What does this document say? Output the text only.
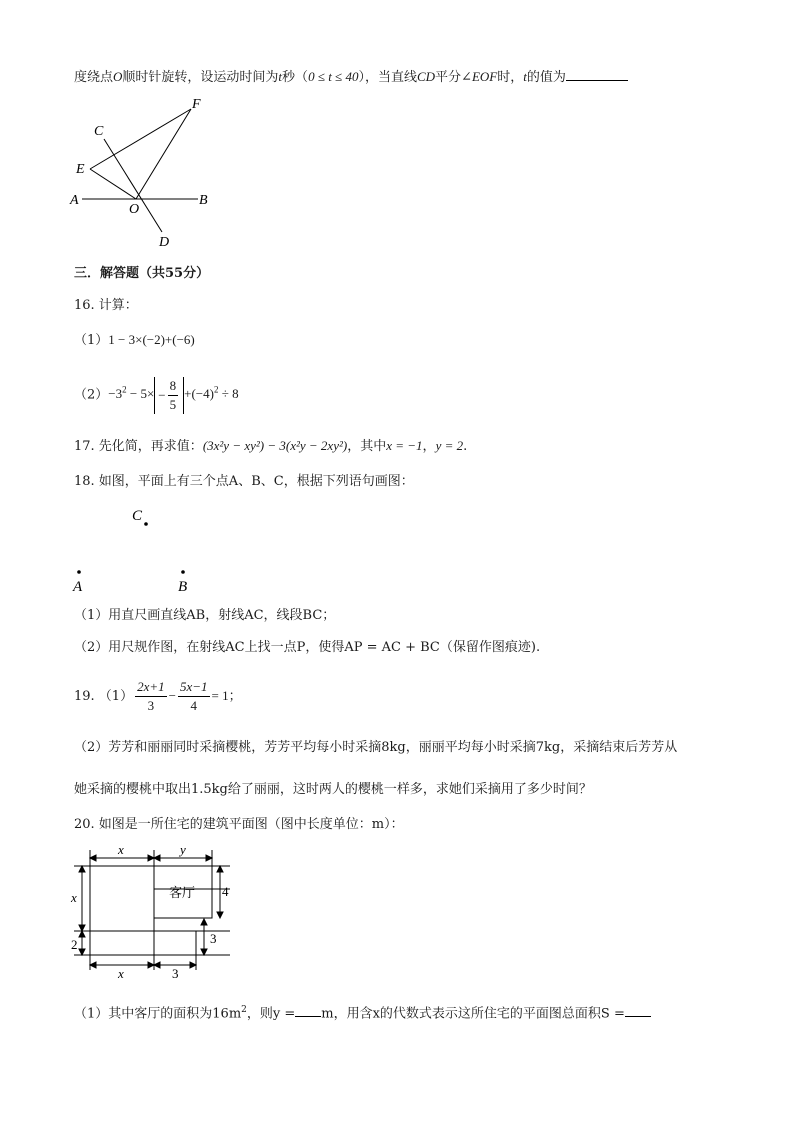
度绕点O顺时针旋转，设运动时间为t秒（0 ≤ t ≤ 40），当直线CD平分∠EOF时，t的值为
A	B
C
D
E
F
O
三．解答题（共55分）
16. 计算：
（1）1 − 3×(−2)+(−6)
$(2)-3^2 - 5\times - \frac{8}{5} +(-4)^2 \div 8$
17. 先化简，再求值：(3x²y − xy²) − 3(x²y − 2xy²)，其中x = −1，y = 2.
18. 如图，平面上有三个点A、B、C，根据下列语句画图：
C
A	B
（1）用直尺画直线AB，射线AC，线段BC；
（2）用尺规作图，在射线AC上找一点P，使得AP = AC + BC（保留作图痕迹).
19. $(1) \frac{2x+1}{3} - \frac{5x-1}{4} = 1$；
（2）芳芳和丽丽同时采摘樱桃，芳芳平均每小时采摘8kg，丽丽平均每小时采摘7kg，采摘结束后芳芳从
她采摘的樱桃中取出1.5kg给了丽丽，这时两人的樱桃一样多，求她们采摘用了多少时间？
20. 如图是一所住宅的建筑平面图（图中长度单位：m）：
x	y
x	4
客厅
3
2
x	3
（1）其中客厅的面积为$16m^2$，则y = m，用含x的代数式表示这所住宅的平面图总面积S =
